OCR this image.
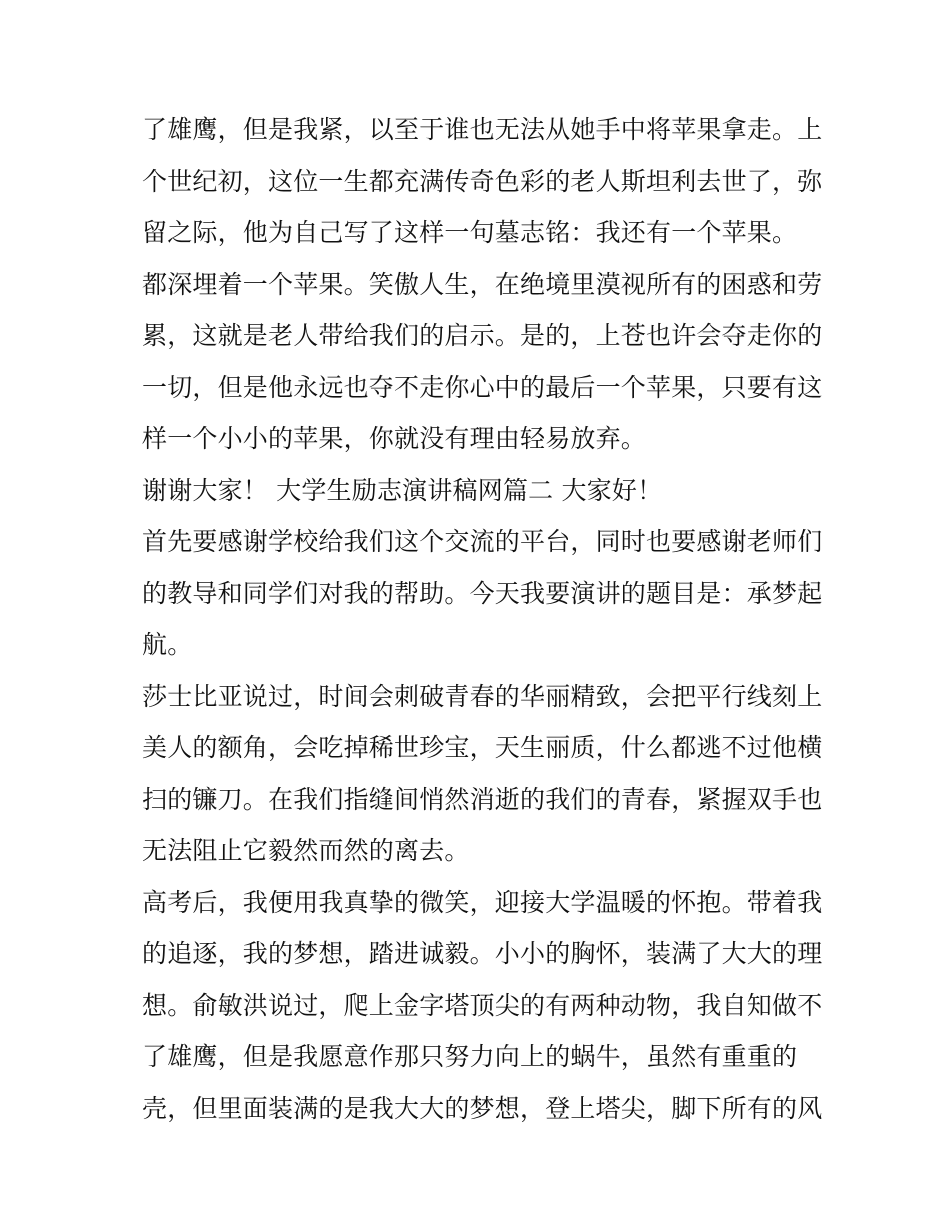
了雄鹰，但是我紧，以至于谁也无法从她手中将苹果拿走。上
个世纪初，这位一生都充满传奇色彩的老人斯坦利去世了，弥
留之际，他为自己写了这样一句墓志铭：我还有一个苹果。
都深埋着一个苹果。笑傲人生，在绝境里漠视所有的困惑和劳
累，这就是老人带给我们的启示。是的，上苍也许会夺走你的
一切，但是他永远也夺不走你心中的最后一个苹果，只要有这
样一个小小的苹果，你就没有理由轻易放弃。
谢谢大家！ 大学生励志演讲稿网篇二 大家好！
首先要感谢学校给我们这个交流的平台，同时也要感谢老师们
的教导和同学们对我的帮助。今天我要演讲的题目是：承梦起
航。
莎士比亚说过，时间会刺破青春的华丽精致，会把平行线刻上
美人的额角，会吃掉稀世珍宝，天生丽质，什么都逃不过他横
扫的镰刀。在我们指缝间悄然消逝的我们的青春，紧握双手也
无法阻止它毅然而然的离去。
高考后，我便用我真挚的微笑，迎接大学温暖的怀抱。带着我
的追逐，我的梦想，踏进诚毅。小小的胸怀，装满了大大的理
想。俞敏洪说过，爬上金字塔顶尖的有两种动物，我自知做不
了雄鹰，但是我愿意作那只努力向上的蜗牛，虽然有重重的
壳，但里面装满的是我大大的梦想，登上塔尖，脚下所有的风
